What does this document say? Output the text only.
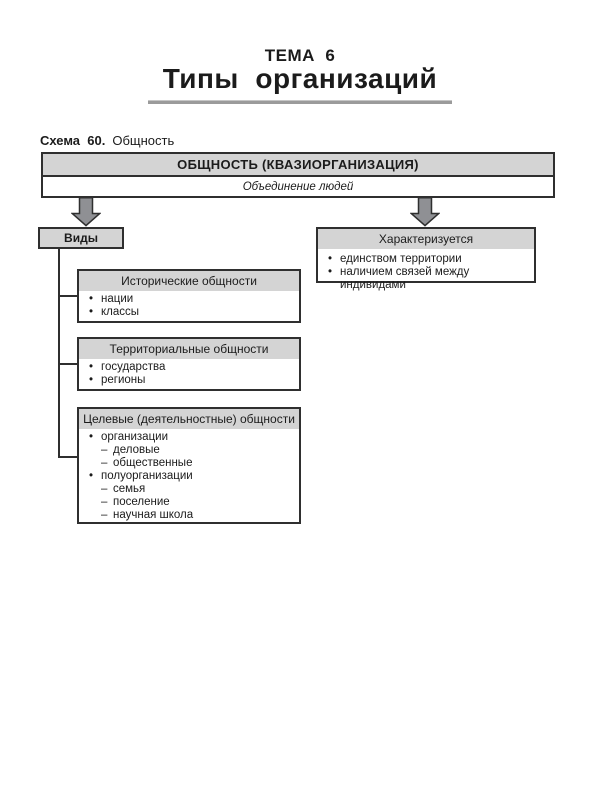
ТЕМА  6
Типы  организаций
Схема  60. Общность
ОБЩНОСТЬ (КВАЗИОРГАНИЗАЦИЯ)
Объединение людей
Виды	Характеризуется
• единством территории
• наличием связей между индивидами
Исторические общности
• нации
• классы
Территориальные общности
• государства
• регионы
Целевые (деятельностные) общности
• организации
– деловые
– общественные
• полуорганизации
– семья
– поселение
– научная школа
